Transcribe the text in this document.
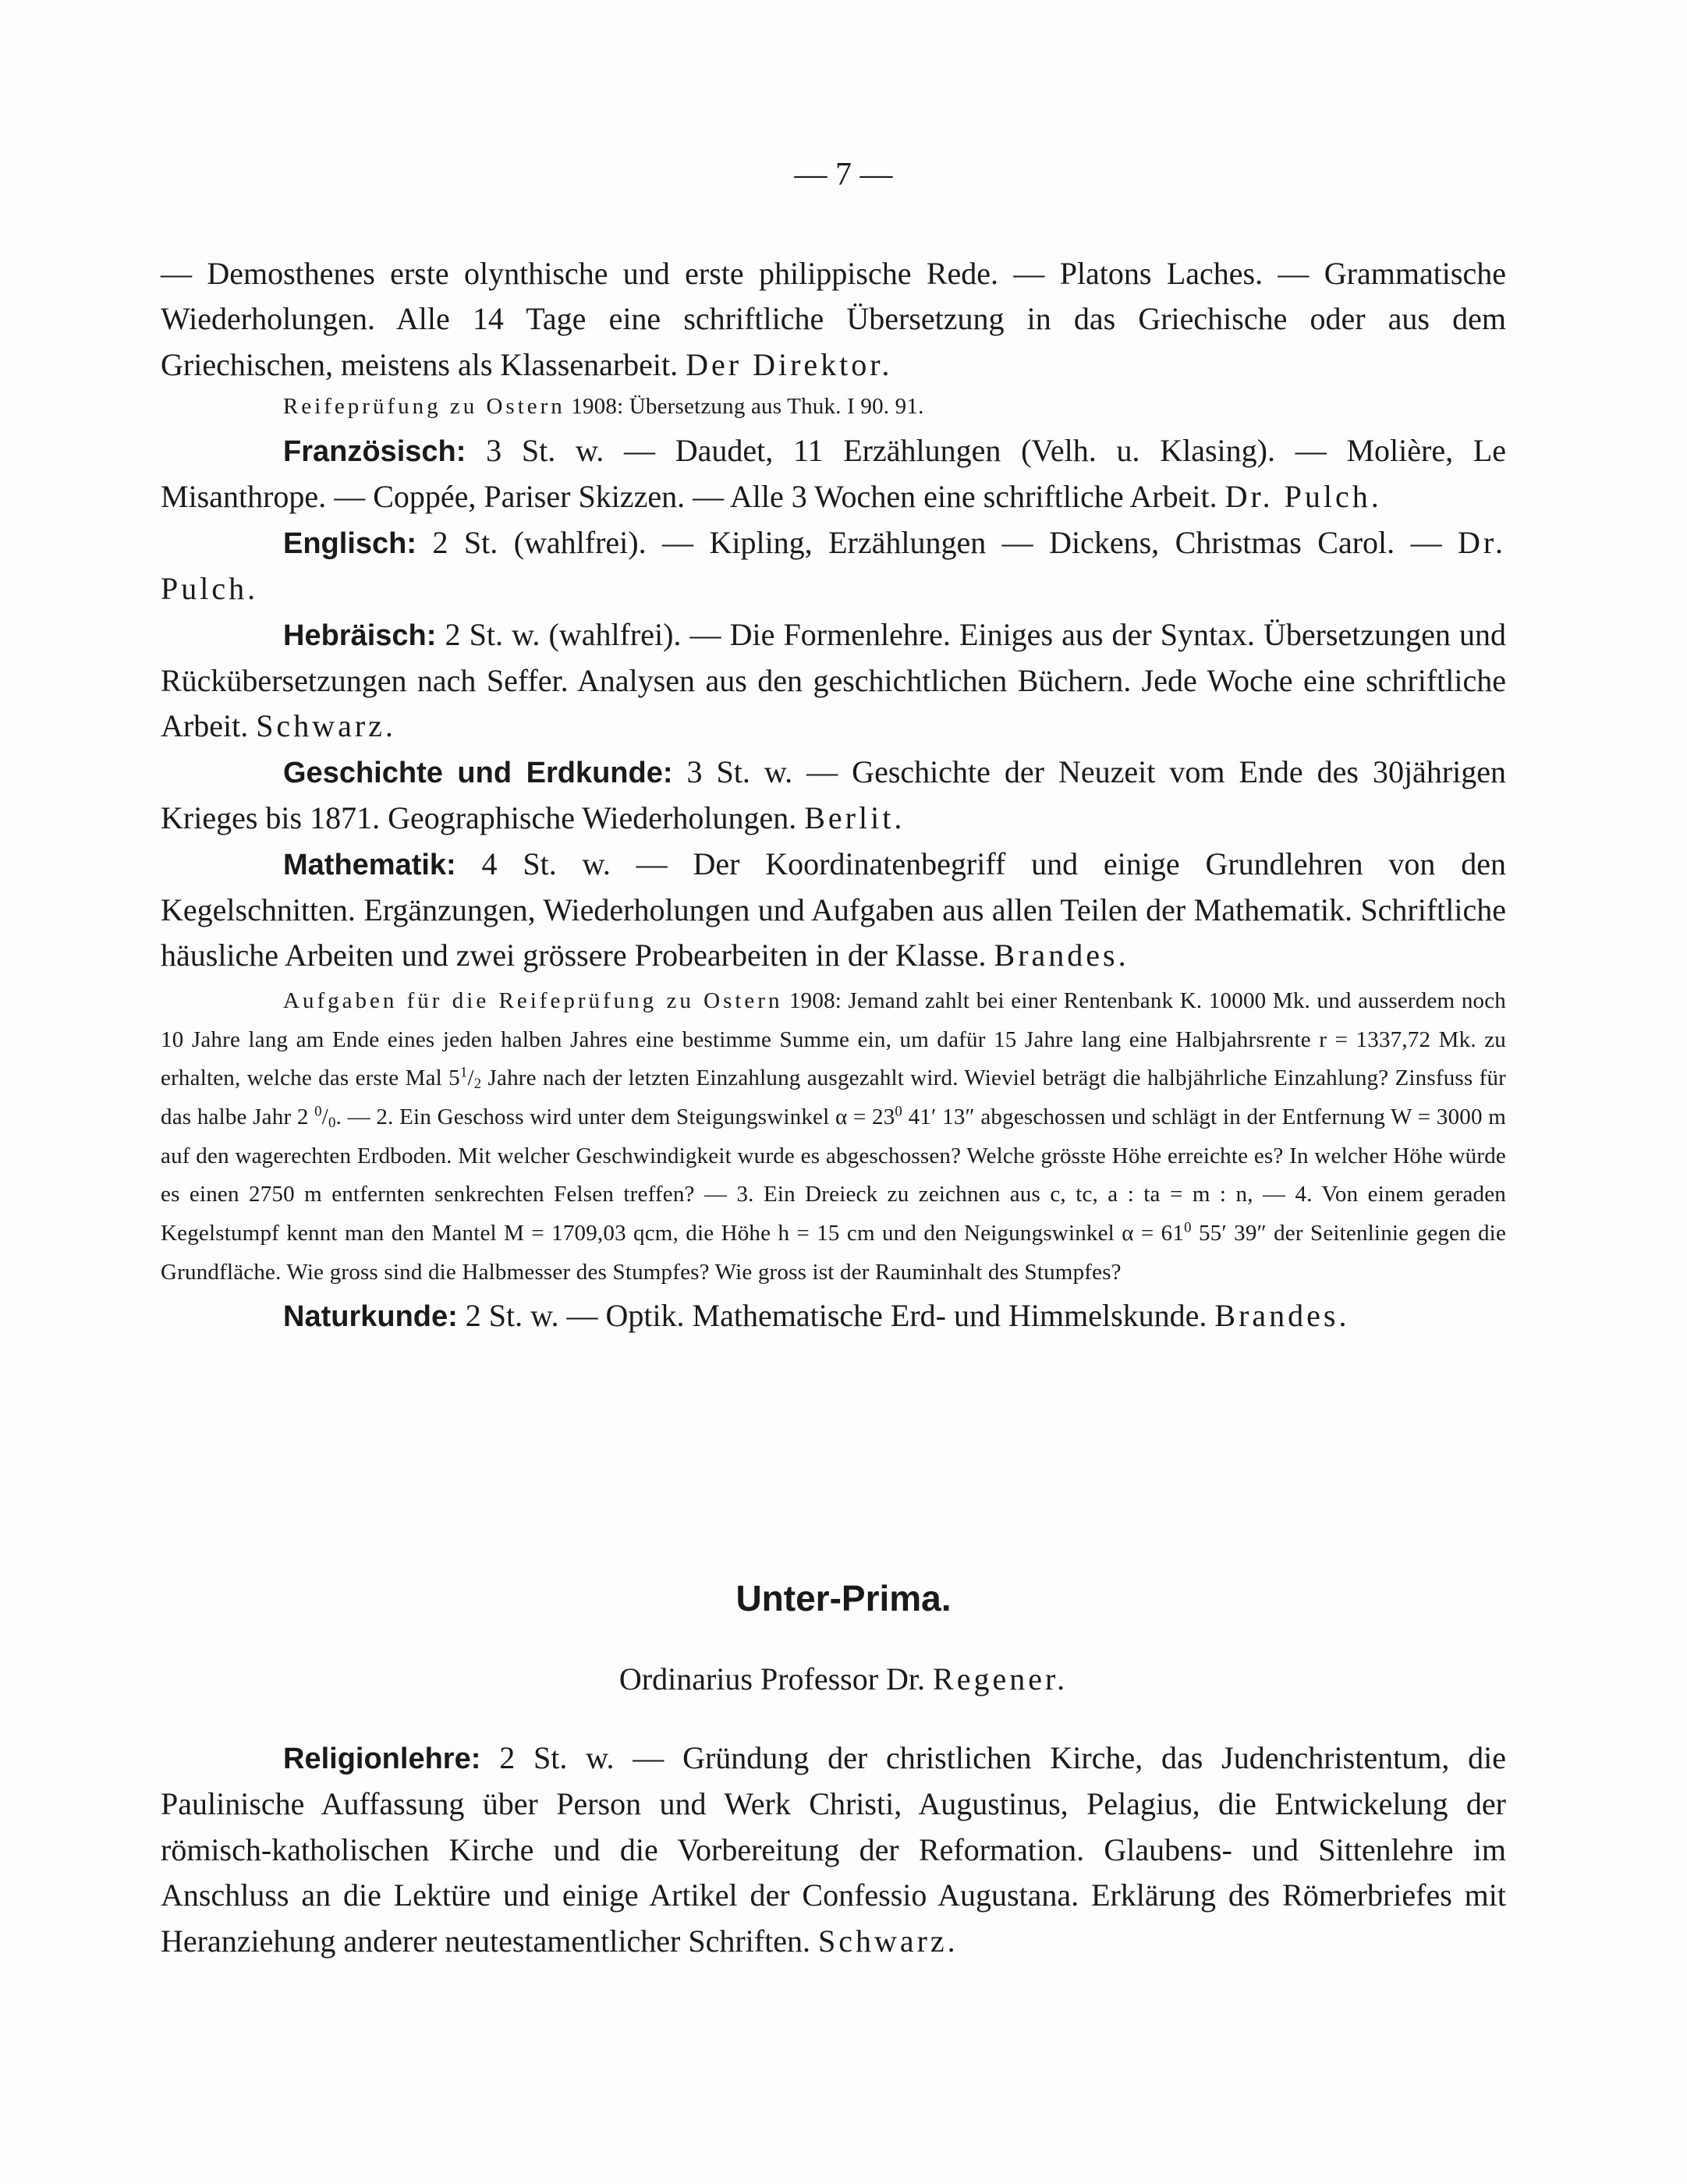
— 7 —

— Demosthenes erste olynthische und erste philippische Rede. — Platons Laches. — Grammatische Wiederholungen. Alle 14 Tage eine schriftliche Übersetzung in das Griechische oder aus dem Griechischen, meistens als Klassenarbeit. Der Direktor.

Reifeprüfung zu Ostern 1908: Übersetzung aus Thuk. I 90. 91.

Französisch: 3 St. w. — Daudet, 11 Erzählungen (Velh. u. Klasing). — Molière, Le Misanthrope. — Coppée, Pariser Skizzen. — Alle 3 Wochen eine schriftliche Arbeit. Dr. Pulch.

Englisch: 2 St. (wahlfrei). — Kipling, Erzählungen — Dickens, Christmas Carol. — Dr. Pulch.

Hebräisch: 2 St. w. (wahlfrei). — Die Formenlehre. Einiges aus der Syntax. Übersetzungen und Rückübersetzungen nach Seffer. Analysen aus den geschichtlichen Büchern. Jede Woche eine schriftliche Arbeit. Schwarz.

Geschichte und Erdkunde: 3 St. w. — Geschichte der Neuzeit vom Ende des 30jährigen Krieges bis 1871. Geographische Wiederholungen. Berlit.

Mathematik: 4 St. w. — Der Koordinatenbegriff und einige Grundlehren von den Kegelschnitten. Ergänzungen, Wiederholungen und Aufgaben aus allen Teilen der Mathematik. Schriftliche häusliche Arbeiten und zwei grössere Probearbeiten in der Klasse. Brandes.

Aufgaben für die Reifeprüfung zu Ostern 1908: Jemand zahlt bei einer Rentenbank K. 10000 Mk. und ausserdem noch 10 Jahre lang am Ende eines jeden halben Jahres eine bestimme Summe ein, um dafür 15 Jahre lang eine Halbjahrsrente r = 1337,72 Mk. zu erhalten, welche das erste Mal $5^1/_2$ Jahre nach der letzten Einzahlung ausgezahlt wird. Wieviel beträgt die halbjährliche Einzahlung? Zinsfuss für das halbe Jahr 2 $^0/_0$. — 2. Ein Geschoss wird unter dem Steigungswinkel $\alpha = 23^0$ 41′ 13″ abgeschossen und schlägt in der Entfernung W = 3000 m auf den wagerechten Erdboden. Mit welcher Geschwindigkeit wurde es abgeschossen? Welche grösste Höhe erreichte es? In welcher Höhe würde es einen 2750 m entfernten senkrechten Felsen treffen? — 3. Ein Dreieck zu zeichnen aus c, tc, a : ta = m : n, — 4. Von einem geraden Kegelstumpf kennt man den Mantel M = 1709,03 qcm, die Höhe h = 15 cm und den Neigungswinkel $\alpha = 61^0$ 55′ 39″ der Seitenlinie gegen die Grundfläche. Wie gross sind die Halbmesser des Stumpfes? Wie gross ist der Rauminhalt des Stumpfes?

Naturkunde: 2 St. w. — Optik. Mathematische Erd- und Himmelskunde. Brandes.

Unter-Prima.
Ordinarius Professor Dr. Regener.

Religionlehre: 2 St. w. — Gründung der christlichen Kirche, das Judenchristentum, die Paulinische Auffassung über Person und Werk Christi, Augustinus, Pelagius, die Entwickelung der römisch-katholischen Kirche und die Vorbereitung der Reformation. Glaubens- und Sittenlehre im Anschluss an die Lektüre und einige Artikel der Confessio Augustana. Erklärung des Römerbriefes mit Heranziehung anderer neutestamentlicher Schriften. Schwarz.
